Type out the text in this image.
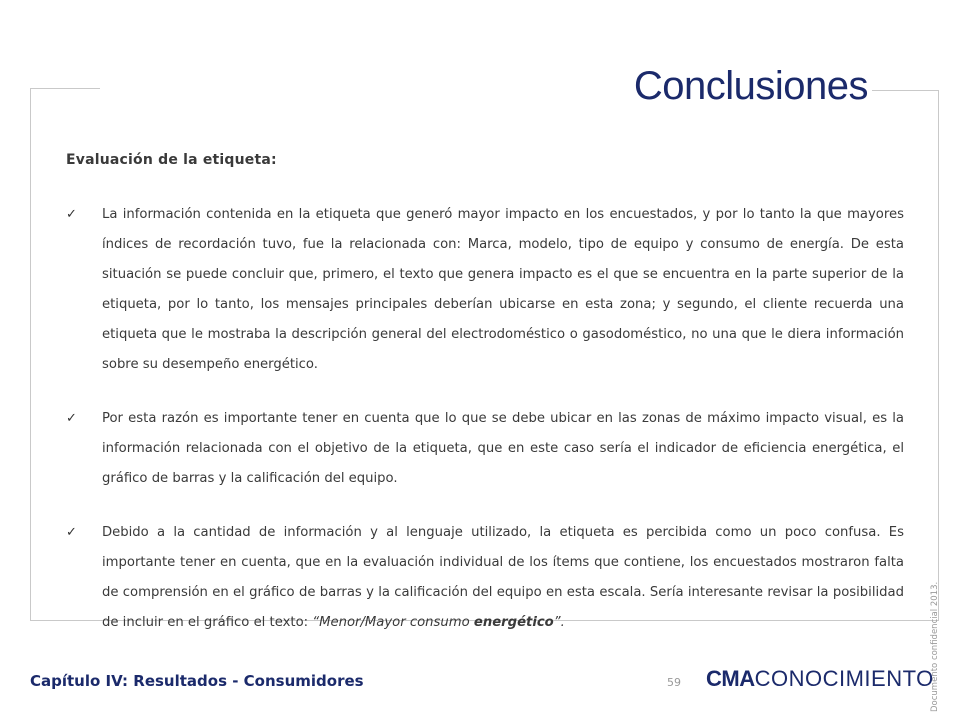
Conclusiones

Evaluación de la etiqueta:

✓ La información contenida en la etiqueta que generó mayor impacto en los encuestados, y por lo tanto la que mayores índices de recordación tuvo, fue la relacionada con: Marca, modelo, tipo de equipo y consumo de energía. De esta situación se puede concluir que, primero, el texto que genera impacto es el que se encuentra en la parte superior de la etiqueta, por lo tanto, los mensajes principales deberían ubicarse en esta zona; y segundo, el cliente recuerda una etiqueta que le mostraba la descripción general del electrodoméstico o gasodoméstico, no una que le diera información sobre su desempeño energético.

✓ Por esta razón es importante tener en cuenta que lo que se debe ubicar en las zonas de máximo impacto visual, es la información relacionada con el objetivo de la etiqueta, que en este caso sería el indicador de eficiencia energética, el gráfico de barras y la calificación del equipo.

✓ Debido a la cantidad de información y al lenguaje utilizado, la etiqueta es percibida como un poco confusa. Es importante tener en cuenta, que en la evaluación individual de los ítems que contiene, los encuestados mostraron falta de comprensión en el gráfico de barras y la calificación del equipo en esta escala. Sería interesante revisar la posibilidad de incluir en el gráfico el texto: “Menor/Mayor consumo energético”.

Capítulo IV: Resultados - Consumidores	59 CMACONOCIMIENTO
Documento confidencial 2013.
